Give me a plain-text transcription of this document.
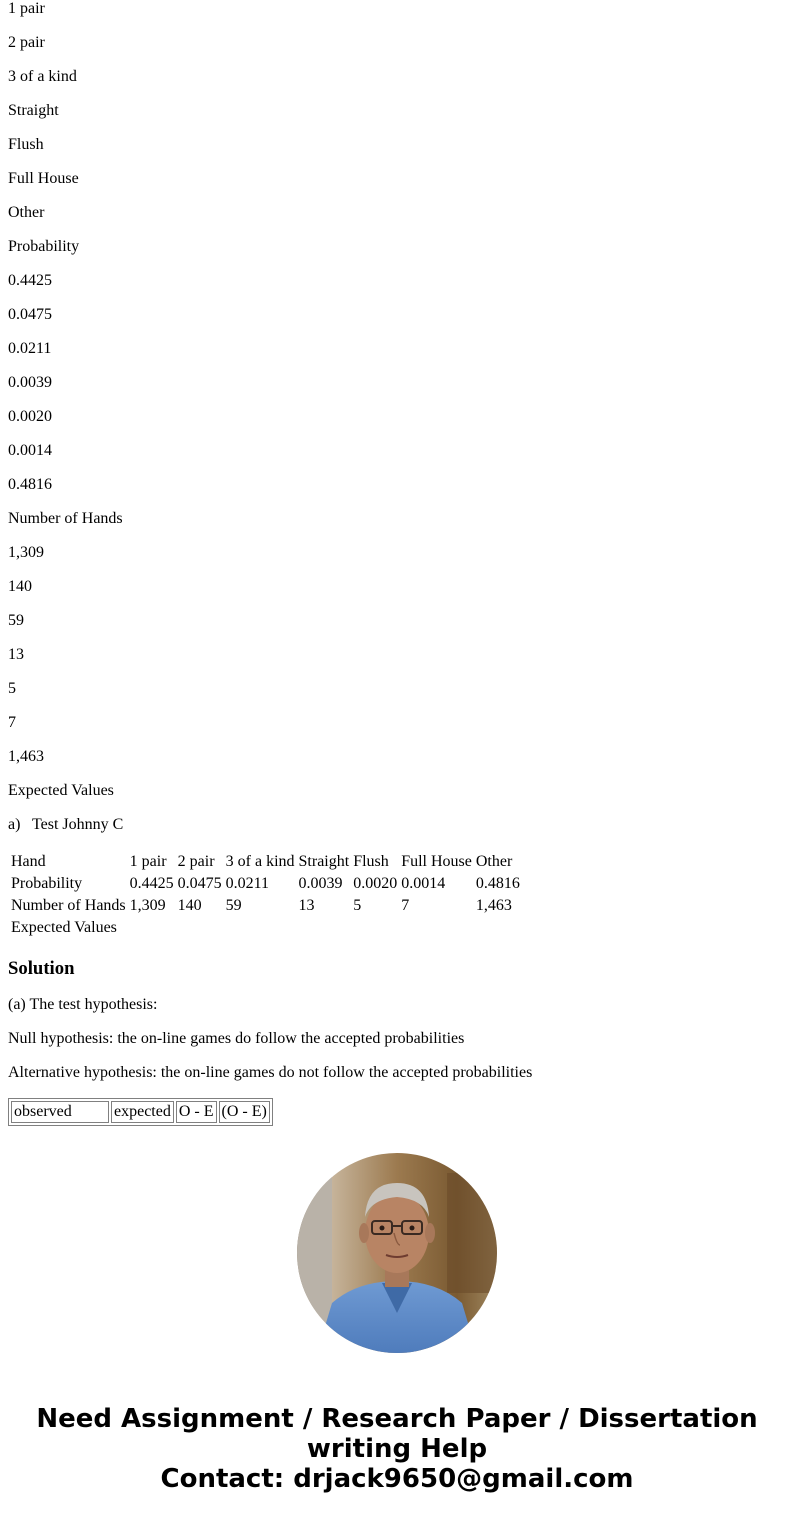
1 pair

2 pair

3 of a kind

Straight

Flush

Full House

Other

Probability

0.4425

0.0475

0.0211

0.0039

0.0020

0.0014

0.4816

Number of Hands

1,309

140

59

13

5

7

1,463

Expected Values

a) Test Johnny C

Hand	1 pair	2 pair	3 of a kind	Straight	Flush	Full House	Other
Probability	0.4425	0.0475	0.0211	0.0039	0.0020	0.0014	0.4816
Number of Hands	1,309	140	59	13	5	7	1,463
Expected Values							
Solution

(a) The test hypothesis:

Null hypothesis: the on-line games do follow the accepted probabilities

Alternative hypothesis: the on-line games do not follow the accepted probabilities

observed	expected	O - E	(O - E)
Need Assignment / Research Paper / Dissertation
writing Help
Contact: drjack9650@gmail.com
